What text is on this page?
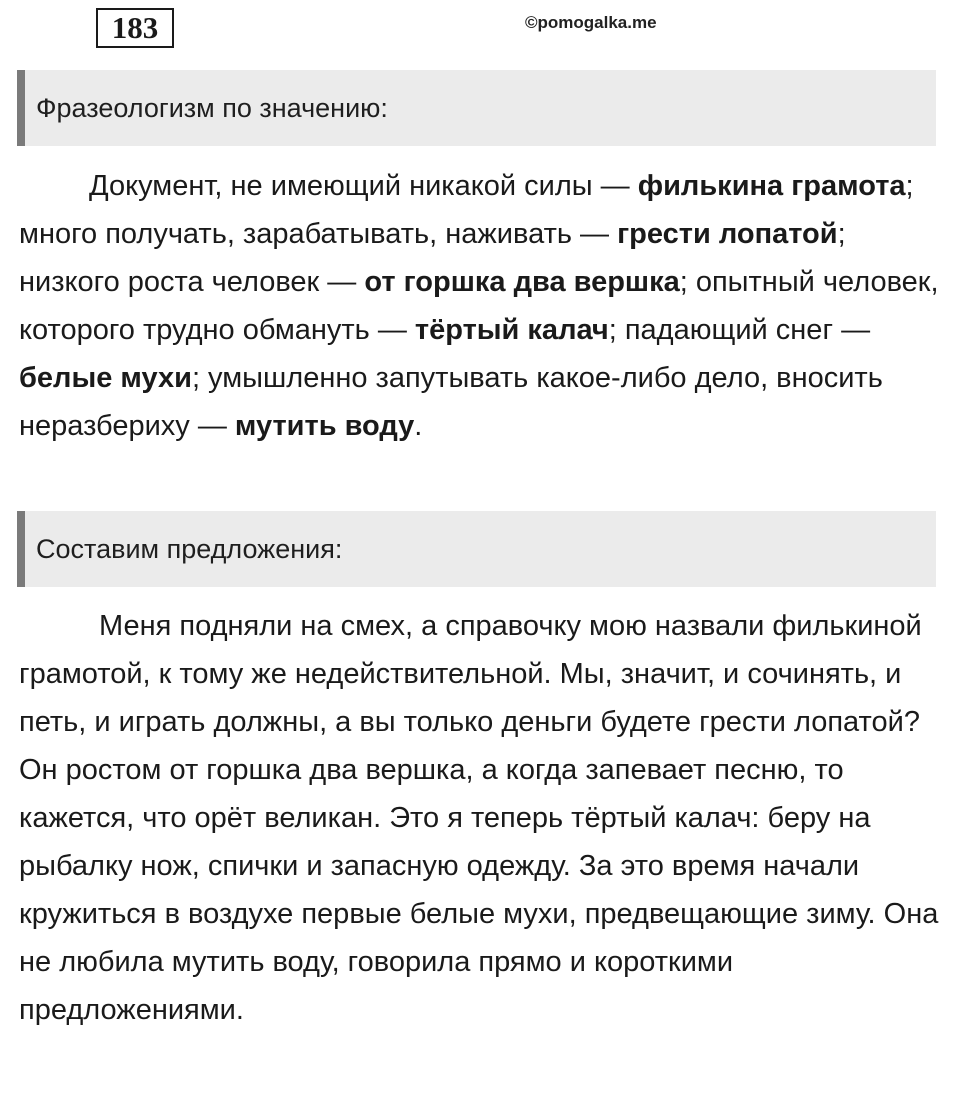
183	©pomogalka.me
Фразеологизм по значению:

Документ, не имеющий никакой силы — филькина грамота; много получать, зарабатывать, наживать — грести лопатой; низкого роста человек — от горшка два вершка; опытный человек, которого трудно обмануть — тёртый калач; падающий снег — белые мухи; умышленно запутывать какое-либо дело, вносить неразбериху — мутить воду.

Составим предложения:

Меня подняли на смех, а справочку мою назвали филькиной грамотой, к тому же недействительной. Мы, значит, и сочинять, и петь, и играть должны, а вы только деньги будете грести лопатой? Он ростом от горшка два вершка, а когда запевает песню, то кажется, что орёт великан. Это я теперь тёртый калач: беру на рыбалку нож, спички и запасную одежду. За это время начали кружиться в воздухе первые белые мухи, предвещающие зиму. Она не любила мутить воду, говорила прямо и короткими предложениями.
